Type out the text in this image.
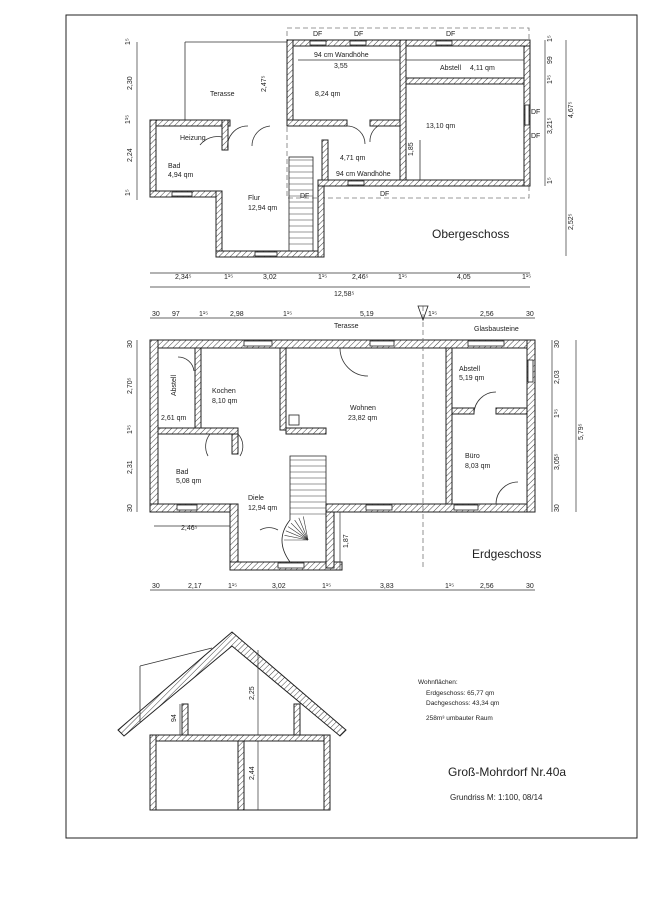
Heizung
Bad
4,94 qm
Flur
12,94 qm
Terasse	8,24 qm
Abstell 4,11 qm
13,10 qm
4,71 qm
94 cm Wandhöhe
3,55
94 cm Wandhöhe
1,85
DF	DF	DF
DF
DF
DF	DF
Obergeschoss
2,34⁵	1¹⁵	3,02	1¹⁵	2,46⁵	1¹⁵	4,05	1¹⁵
12,58⁵
1⁵
2,30
1¹⁵
2,24
1⁵
1⁵
99
1¹⁵
3,21⁵
1⁵
4,67⁵
2,52⁵
2,47⁵
Abstell
2,61 qm
Kochen
8,10 qm
Wohnen
23,82 qm
Abstell
5,19 qm
Bad
5,08 qm
Diele
12,94 qm
Büro
8,03 qm
Terasse	Glasbausteine
2,46⁵
1,87
Erdgeschoss
30 97	1¹⁵	2,98	1¹⁵	5,19	1¹⁵	2,56	30
30	2,17	1¹⁵	3,02	1¹⁵	3,83	1¹⁵	2,56	30
30
2,70⁵
1¹⁵
2,31
30
30
2,03
1¹⁵
3,05⁵
30
5,79⁵
2,25
94
2,44
Wohnflächen:
Erdgeschoss: 65,77 qm
Dachgeschoss: 43,34 qm
258m³ umbauter Raum
Groß-Mohrdorf Nr.40a
Grundriss M: 1:100, 08/14
